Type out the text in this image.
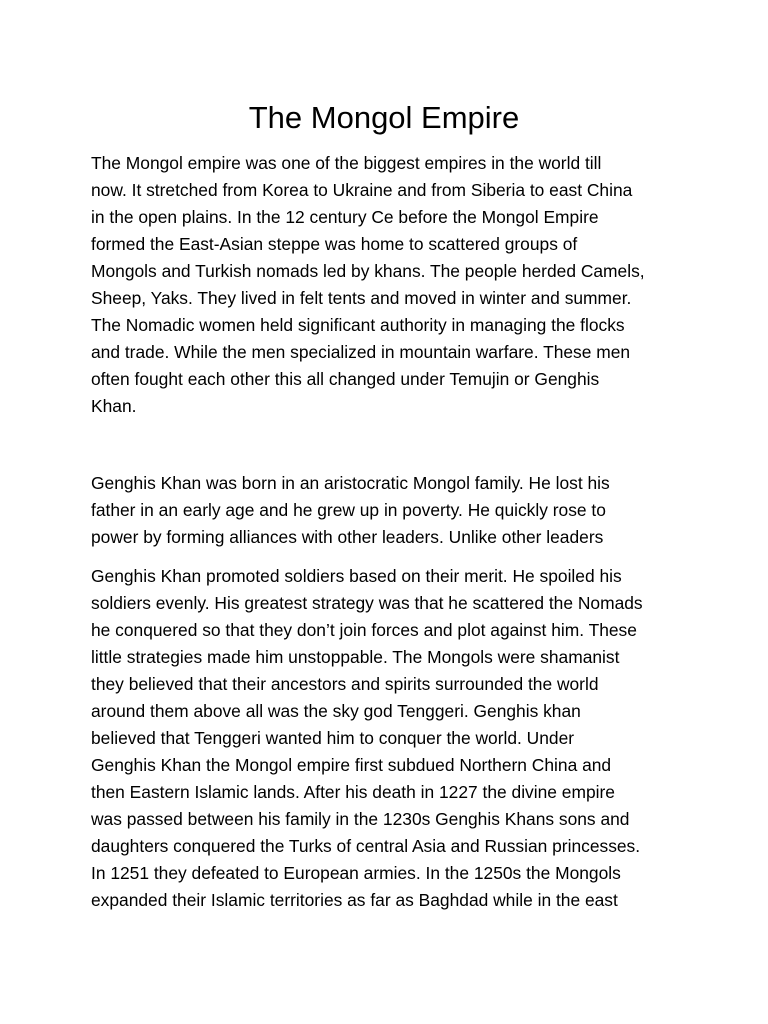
The Mongol Empire

The Mongol empire was one of the biggest empires in the world till

now. It stretched from Korea to Ukraine and from Siberia to east China

in the open plains. In the 12 century Ce before the Mongol Empire

formed the East-Asian steppe was home to scattered groups of

Mongols and Turkish nomads led by khans. The people herded Camels,

Sheep, Yaks. They lived in felt tents and moved in winter and summer.

The Nomadic women held significant authority in managing the flocks

and trade. While the men specialized in mountain warfare. These men

often fought each other this all changed under Temujin or Genghis

Khan.

Genghis Khan was born in an aristocratic Mongol family. He lost his

father in an early age and he grew up in poverty. He quickly rose to

power by forming alliances with other leaders. Unlike other leaders

Genghis Khan promoted soldiers based on their merit. He spoiled his

soldiers evenly. His greatest strategy was that he scattered the Nomads

he conquered so that they don’t join forces and plot against him. These

little strategies made him unstoppable. The Mongols were shamanist

they believed that their ancestors and spirits surrounded the world

around them above all was the sky god Tenggeri. Genghis khan

believed that Tenggeri wanted him to conquer the world. Under

Genghis Khan the Mongol empire first subdued Northern China and

then Eastern Islamic lands. After his death in 1227 the divine empire

was passed between his family in the 1230s Genghis Khans sons and

daughters conquered the Turks of central Asia and Russian princesses.

In 1251 they defeated to European armies. In the 1250s the Mongols

expanded their Islamic territories as far as Baghdad while in the east
